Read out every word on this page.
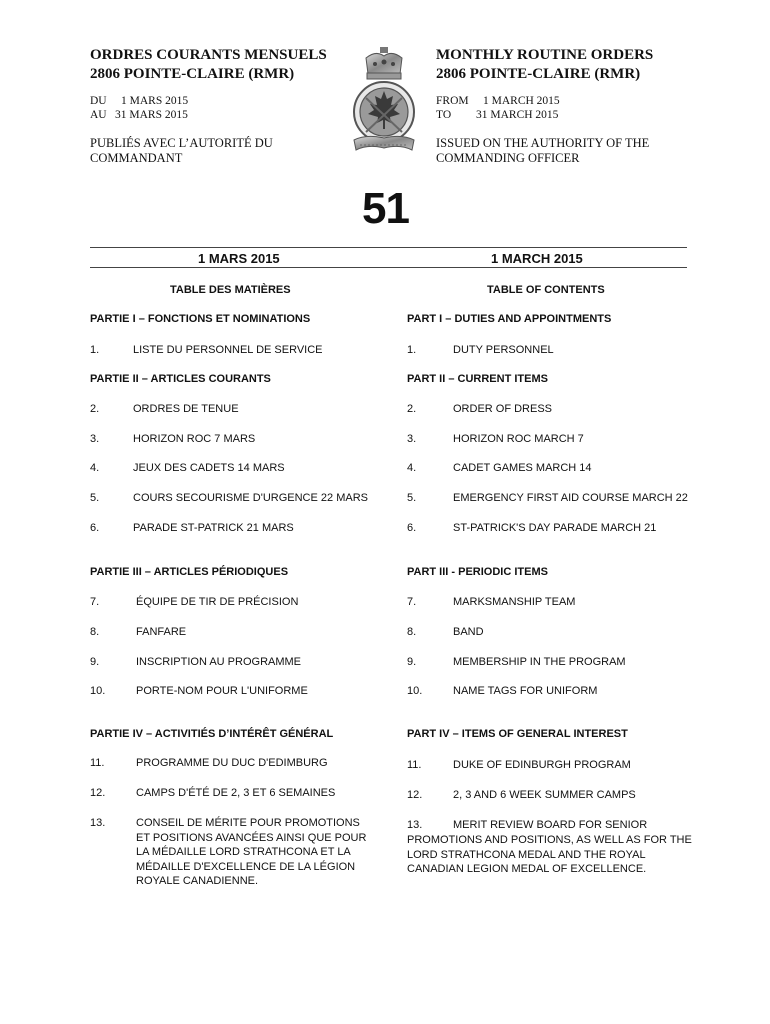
ORDRES COURANTS MENSUELS
2806 POINTE-CLAIRE (RMR)
DU 1 MARS 2015
AU 31 MARS 2015
PUBLIÉS AVEC L’AUTORITÉ DU
COMMANDANT
MONTHLY ROUTINE ORDERS
2806 POINTE-CLAIRE (RMR)
FROM 1 MARCH 2015
TO 31 MARCH 2015
ISSUED ON THE AUTHORITY OF THE
COMMANDING OFFICER
51
1 MARS 2015	1 MARCH 2015
TABLE DES MATIÈRES	TABLE OF CONTENTS
PARTIE I – FONCTIONS ET NOMINATIONS	PART I – DUTIES AND APPOINTMENTS
1.	LISTE DU PERSONNEL DE SERVICE	1.	DUTY PERSONNEL
PARTIE II – ARTICLES COURANTS	PART II – CURRENT ITEMS
2.	ORDRES DE TENUE	2.	ORDER OF DRESS
3.	HORIZON ROC 7 MARS	3.	HORIZON ROC MARCH 7
4.	JEUX DES CADETS 14 MARS	4.	CADET GAMES MARCH 14
5.	COURS SECOURISME D'URGENCE 22 MARS	5.	EMERGENCY FIRST AID COURSE MARCH 22
6.	PARADE ST-PATRICK 21 MARS	6.	ST-PATRICK'S DAY PARADE MARCH 21
PARTIE III – ARTICLES PÉRIODIQUES	PART III - PERIODIC ITEMS
7.	ÉQUIPE DE TIR DE PRÉCISION	7.	MARKSMANSHIP TEAM
8.	FANFARE	8.	BAND
9.	INSCRIPTION AU PROGRAMME	9.	MEMBERSHIP IN THE PROGRAM
10.	PORTE-NOM POUR L'UNIFORME	10.	NAME TAGS FOR UNIFORM
PARTIE IV – ACTIVITIÉS D’INTÉRÊT GÉNÉRAL	PART IV – ITEMS OF GENERAL INTEREST
11.	PROGRAMME DU DUC D'EDIMBURG	11.	DUKE OF EDINBURGH PROGRAM
12.	CAMPS D'ÉTÉ DE 2, 3 ET 6 SEMAINES	12.	2, 3 AND 6 WEEK SUMMER CAMPS
13.	CONSEIL DE MÉRITE POUR PROMOTIONS
ET POSITIONS AVANCÉES AINSI QUE POUR
LA MÉDAILLE LORD STRATHCONA ET LA
MÉDAILLE D'EXCELLENCE DE LA LÉGION
ROYALE CANADIENNE.
13.	MERIT REVIEW BOARD FOR SENIOR
PROMOTIONS AND POSITIONS, AS WELL AS FOR THE
LORD STRATHCONA MEDAL AND THE ROYAL
CANADIAN LEGION MEDAL OF EXCELLENCE.
